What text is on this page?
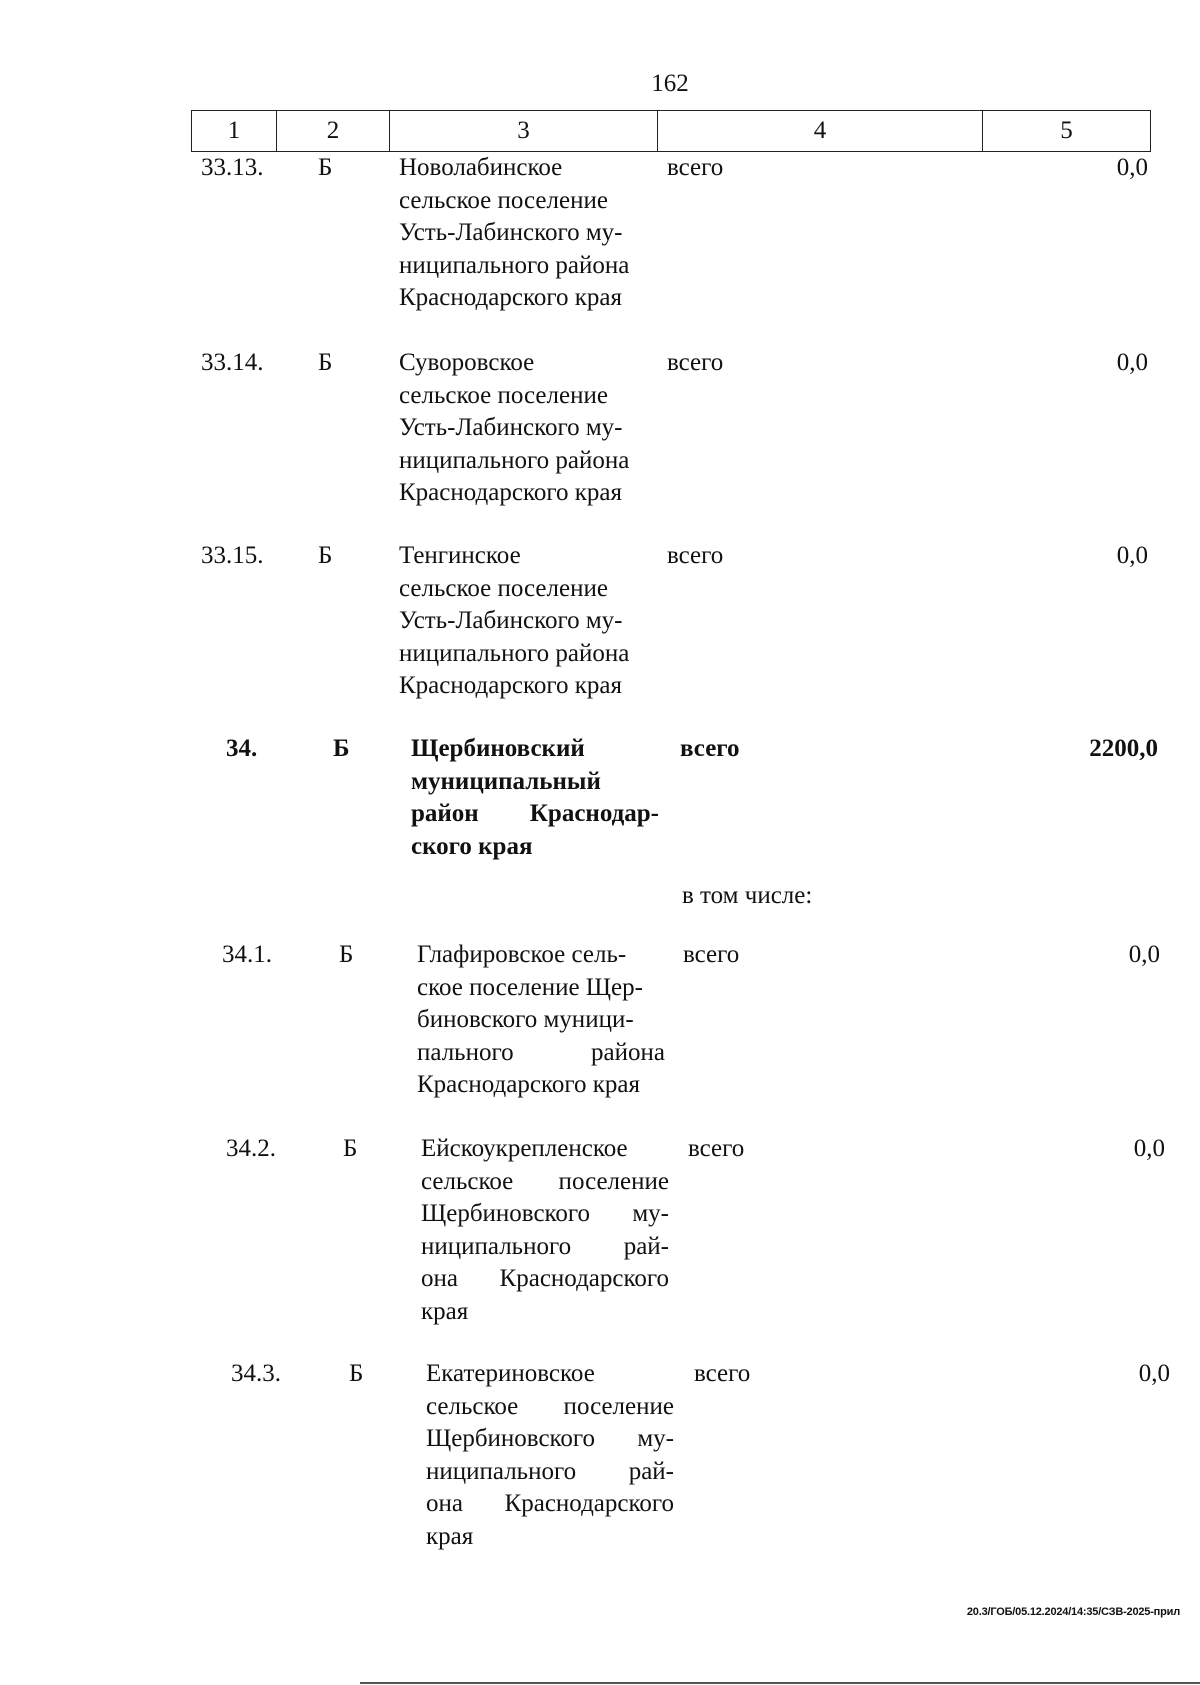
162
1	2	3	4	5
33.13.	Б	Новолабинское
сельское поселение
Усть-Лабинского му-
ниципального района
Краснодарского края
всего	0,0
33.14.	Б	Суворовское
сельское поселение
Усть-Лабинского му-
ниципального района
Краснодарского края
всего	0,0
33.15.	Б	Тенгинское
сельское поселение
Усть-Лабинского му-
ниципального района
Краснодарского края
всего	0,0
34.	Б	Щербиновский
муниципальный
район Краснодар-
ского края
всего	2200,0
в том числе:
34.1.	Б	Глафировское сель-
ское поселение Щер-
биновского муници-
пального района
Краснодарского края
всего	0,0
34.2.	Б	Ейскоукрепленское
сельское поселение
Щербиновского му-
ниципального рай-
она Краснодарского
края
всего	0,0
34.3.	Б	Екатериновское
сельское поселение
Щербиновского му-
ниципального рай-
она Краснодарского
края
всего	0,0
20.3/ГОБ/05.12.2024/14:35/СЗВ-2025-прил
